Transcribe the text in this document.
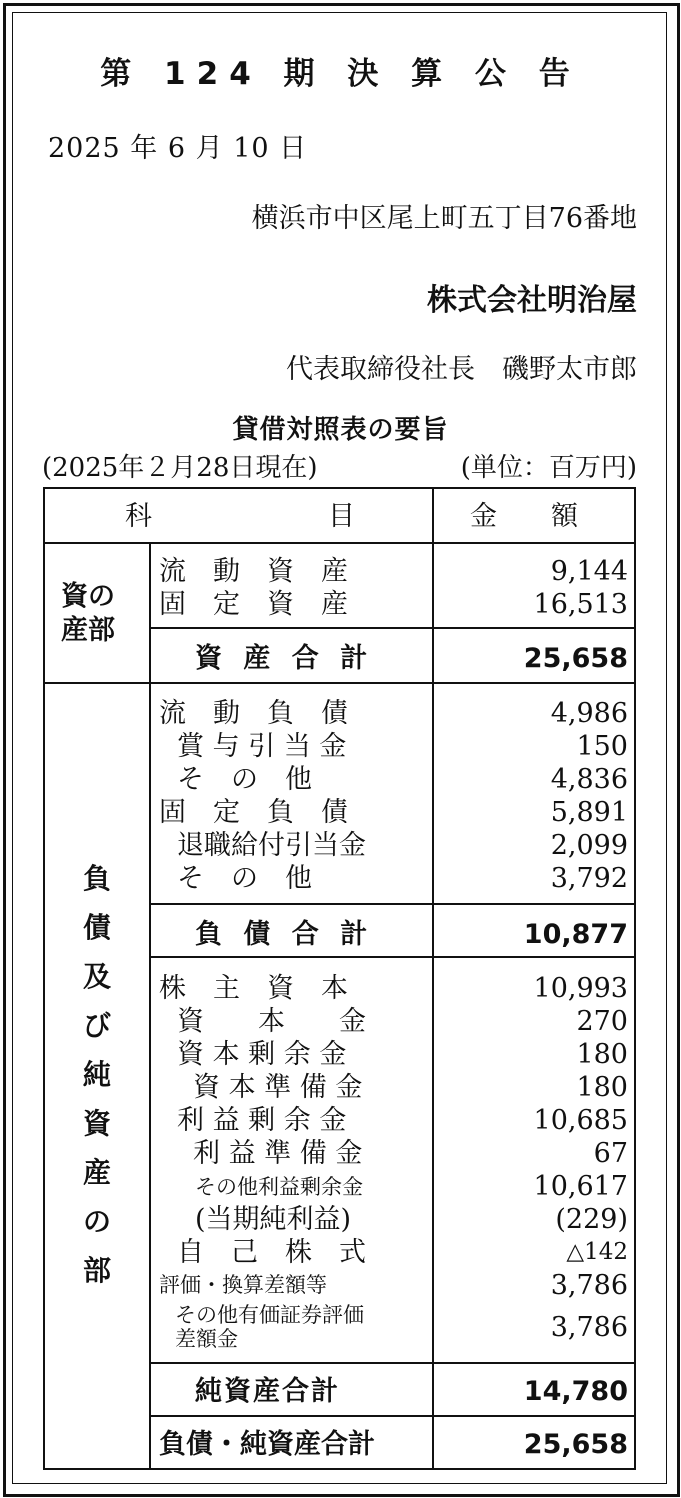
第 124 期 決 算 公 告
2025 年 6 月 10 日
横浜市中区尾上町五丁目76番地
株式会社明治屋
代表取締役社長　磯野太市郎
貸借対照表の要旨
(2025年２月28日現在)	(単位：百万円)
科	目	金　　額
資の
産部
流　動　資　産	9,144
固　定　資　産	16,513
資 産 合 計	25,658
負
債
及
び
純
資
産
の
部
流　動　負　債	4,986
賞 与 引 当 金	150
そ　の　他	4,836
固　定　負　債	5,891
退職給付引当金	2,099
そ　の　他	3,792
負 債 合 計	10,877
株　主　資　本	10,993
資　　本　　金	270
資 本 剰 余 金	180
資 本 準 備 金	180
利 益 剰 余 金	10,685
利 益 準 備 金	67
その他利益剰余金	10,617
(当期純利益)	(229)
自　己　株　式	△142
評価・換算差額等	3,786
その他有価証券評価
差額金	3,786
純資産合計	14,780
負債・純資産合計	25,658
